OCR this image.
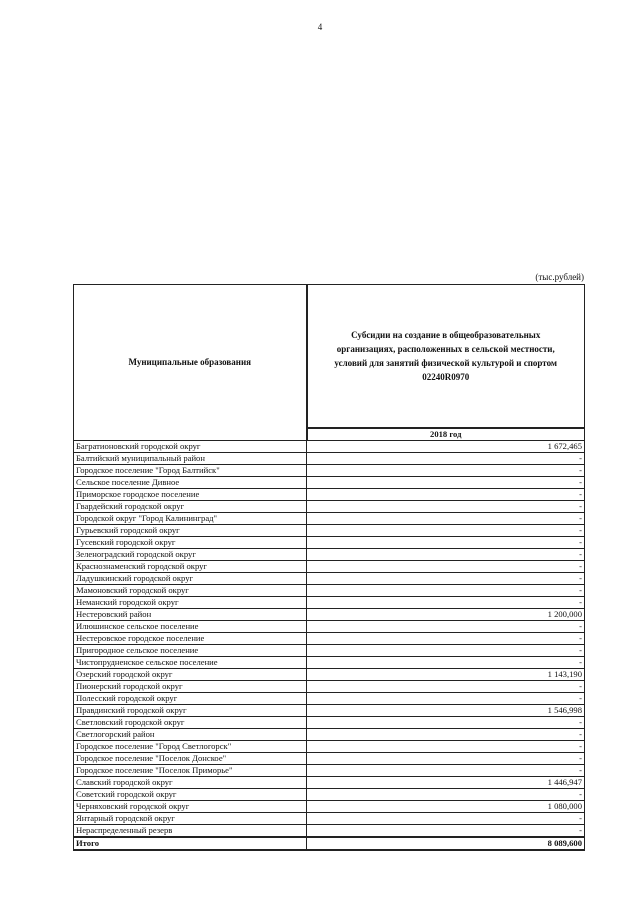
4
(тыс.рублей)
Муниципальные образования	Субсидии на создание в общеобразовательных организациях, расположенных в сельской местности, условий для занятий физической культурой и спортом 02240R0970
	2018 год
Багратионовский городской округ	1 672,465
Балтийский муниципальный район	-
Городское поселение "Город Балтийск"	-
Сельское поселение Дивное	-
Приморское городское поселение	-
Гвардейский городской округ	-
Городской округ "Город Калининград"	-
Гурьевский городской округ	-
Гусевский городской округ	-
Зеленоградский городской округ	-
Краснознаменский городской округ	-
Ладушкинский городской округ	-
Мамоновский городской округ	-
Неманский городской округ	-
Нестеровский район	1 200,000
Илюшинское сельское поселение	-
Нестеровское городское поселение	-
Пригородное сельское поселение	-
Чистопрудненское сельское поселение	-
Озерский городской округ	1 143,190
Пионерский городской округ	-
Полесский городской округ	-
Правдинский городской округ	1 546,998
Светловский городской округ	-
Светлогорский район	-
Городское поселение "Город Светлогорск"	-
Городское поселение "Поселок Донское"	-
Городское поселение "Поселок Приморье"	-
Славский городской округ	1 446,947
Советский городской округ	-
Черняховский городской округ	1 080,000
Янтарный городской округ	-
Нераспределенный резерв	-
Итого	8 089,600
